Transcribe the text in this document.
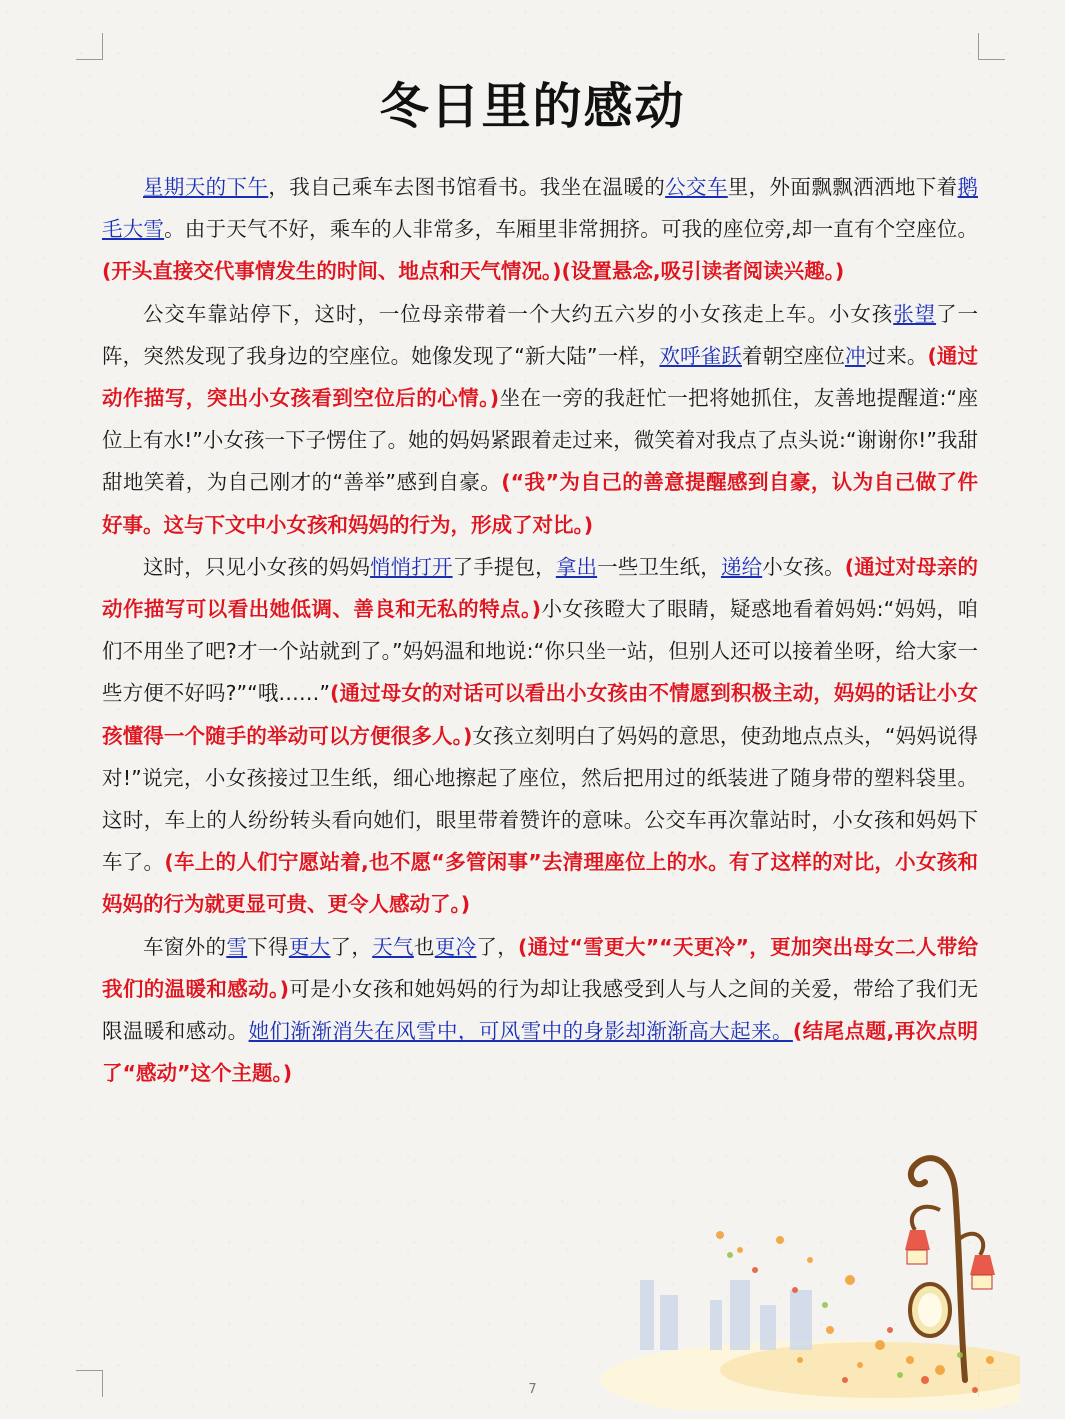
冬日里的感动

星期天的下午，我自己乘车去图书馆看书。我坐在温暖的公交车里，外面飘飘洒洒地下着鹅毛大雪。由于天气不好，乘车的人非常多，车厢里非常拥挤。可我的座位旁,却一直有个空座位。(开头直接交代事情发生的时间、地点和天气情况。)(设置悬念,吸引读者阅读兴趣。)

公交车靠站停下，这时，一位母亲带着一个大约五六岁的小女孩走上车。小女孩张望了一阵，突然发现了我身边的空座位。她像发现了“新大陆”一样，欢呼雀跃着朝空座位冲过来。(通过动作描写，突出小女孩看到空位后的心情。)坐在一旁的我赶忙一把将她抓住，友善地提醒道:“座位上有水!”小女孩一下子愣住了。她的妈妈紧跟着走过来，微笑着对我点了点头说:“谢谢你!”我甜甜地笑着，为自己刚才的“善举”感到自豪。(“我”为自己的善意提醒感到自豪，认为自己做了件好事。这与下文中小女孩和妈妈的行为，形成了对比。)

这时，只见小女孩的妈妈悄悄打开了手提包，拿出一些卫生纸，递给小女孩。(通过对母亲的动作描写可以看出她低调、善良和无私的特点。)小女孩瞪大了眼睛，疑惑地看着妈妈:“妈妈，咱们不用坐了吧?才一个站就到了。”妈妈温和地说:“你只坐一站，但别人还可以接着坐呀，给大家一些方便不好吗?”“哦……”(通过母女的对话可以看出小女孩由不情愿到积极主动，妈妈的话让小女孩懂得一个随手的举动可以方便很多人。)女孩立刻明白了妈妈的意思，使劲地点点头，“妈妈说得对!”说完，小女孩接过卫生纸，细心地擦起了座位，然后把用过的纸装进了随身带的塑料袋里。这时，车上的人纷纷转头看向她们，眼里带着赞许的意味。公交车再次靠站时，小女孩和妈妈下车了。(车上的人们宁愿站着,也不愿“多管闲事”去清理座位上的水。有了这样的对比，小女孩和妈妈的行为就更显可贵、更令人感动了。)

车窗外的雪下得更大了，天气也更冷了，(通过“雪更大”“天更冷”，更加突出母女二人带给我们的温暖和感动。)可是小女孩和她妈妈的行为却让我感受到人与人之间的关爱，带给了我们无限温暖和感动。她们渐渐消失在风雪中，可风雪中的身影却渐渐高大起来。(结尾点题,再次点明了“感动”这个主题。)

7
